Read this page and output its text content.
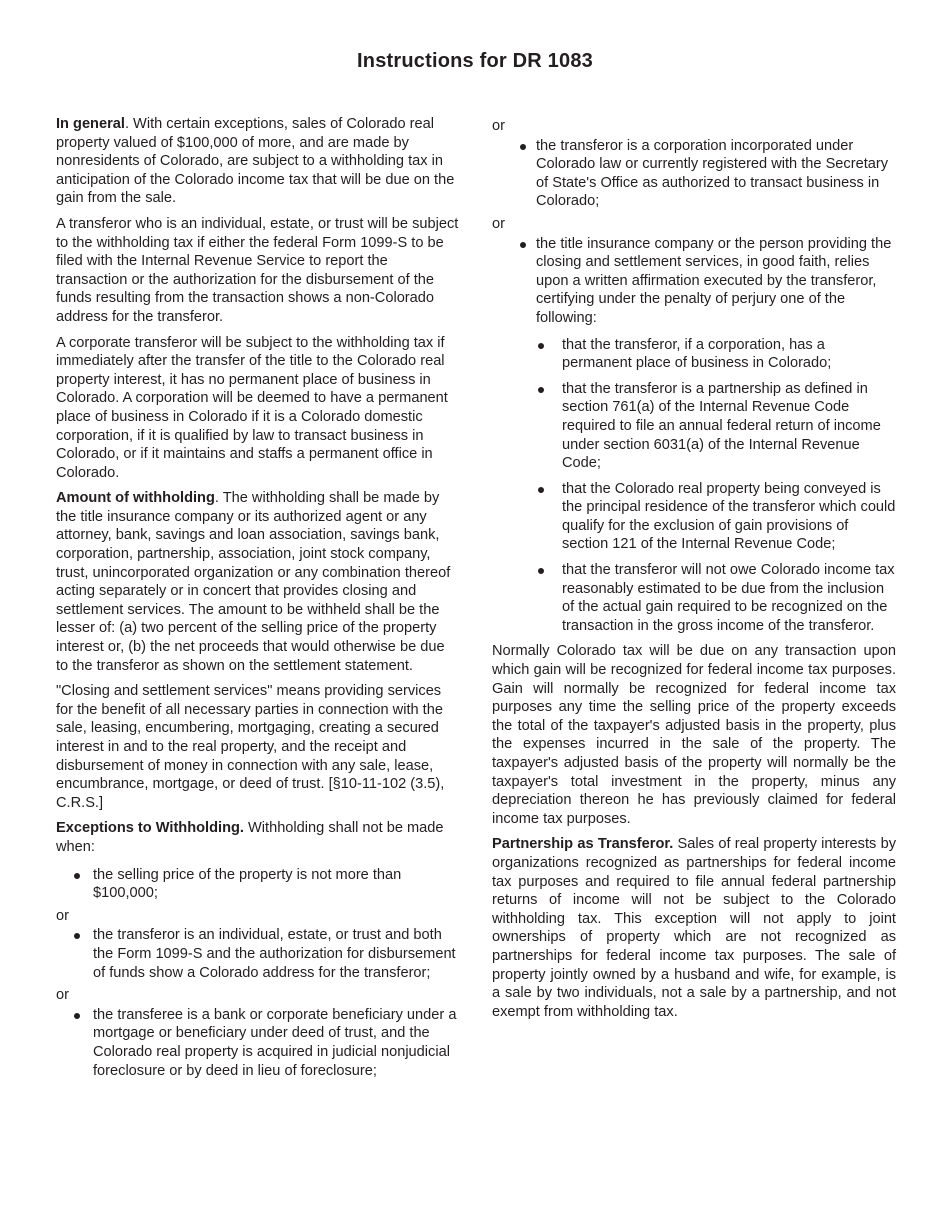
Instructions for DR 1083

In general. With certain exceptions, sales of Colorado real property valued of $100,000 of more, and are made by nonresidents of Colorado, are subject to a withholding tax in anticipation of the Colorado income tax that will be due on the gain from the sale.

A transferor who is an individual, estate, or trust will be subject to the withholding tax if either the federal Form 1099-S to be filed with the Internal Revenue Service to report the transaction or the authorization for the disbursement of the funds resulting from the transaction shows a non-Colorado address for the transferor.

A corporate transferor will be subject to the withholding tax if immediately after the transfer of the title to the Colorado real property interest, it has no permanent place of business in Colorado. A corporation will be deemed to have a permanent place of business in Colorado if it is a Colorado domestic corporation, if it is qualified by law to transact business in Colorado, or if it maintains and staffs a permanent office in Colorado.

Amount of withholding. The withholding shall be made by the title insurance company or its authorized agent or any attorney, bank, savings and loan association, savings bank, corporation, partnership, association, joint stock company, trust, unincorporated organization or any combination thereof acting separately or in concert that provides closing and settlement services. The amount to be withheld shall be the lesser of: (a) two percent of the selling price of the property interest or, (b) the net proceeds that would otherwise be due to the transferor as shown on the settlement statement.

"Closing and settlement services" means providing services for the benefit of all necessary parties in connection with the sale, leasing, encumbering, mortgaging, creating a secured interest in and to the real property, and the receipt and disbursement of money in connection with any sale, lease, encumbrance, mortgage, or deed of trust. [§10-11-102 (3.5), C.R.S.]

Exceptions to Withholding. Withholding shall not be made when:

the selling price of the property is not more than $100,000;
or
the transferor is an individual, estate, or trust and both the Form 1099-S and the authorization for disbursement of funds show a Colorado address for the transferor;
or
the transferee is a bank or corporate beneficiary under a mortgage or beneficiary under deed of trust, and the Colorado real property is acquired in judicial nonjudicial foreclosure or by deed in lieu of foreclosure;
or
the transferor is a corporation incorporated under Colorado law or currently registered with the Secretary of State's Office as authorized to transact business in Colorado;
or
the title insurance company or the person providing the closing and settlement services, in good faith, relies upon a written affirmation executed by the transferor, certifying under the penalty of perjury one of the following:
that the transferor, if a corporation, has a permanent place of business in Colorado;
that the transferor is a partnership as defined in section 761(a) of the Internal Revenue Code required to file an annual federal return of income under section 6031(a) of the Internal Revenue Code;
that the Colorado real property being conveyed is the principal residence of the transferor which could qualify for the exclusion of gain provisions of section 121 of the Internal Revenue Code;
that the transferor will not owe Colorado income tax reasonably estimated to be due from the inclusion of the actual gain required to be recognized on the transaction in the gross income of the transferor.

Normally Colorado tax will be due on any transaction upon which gain will be recognized for federal income tax purposes. Gain will normally be recognized for federal income tax purposes any time the selling price of the property exceeds the total of the taxpayer's adjusted basis in the property, plus the expenses incurred in the sale of the property. The taxpayer's adjusted basis of the property will normally be the taxpayer's total investment in the property, minus any depreciation thereon he has previously claimed for federal income tax purposes.

Partnership as Transferor. Sales of real property interests by organizations recognized as partnerships for federal income tax purposes and required to file annual federal partnership returns of income will not be subject to the Colorado withholding tax. This exception will not apply to joint ownerships of property which are not recognized as partnerships for federal income tax purposes. The sale of property jointly owned by a husband and wife, for example, is a sale by two individuals, not a sale by a partnership, and not exempt from withholding tax.
